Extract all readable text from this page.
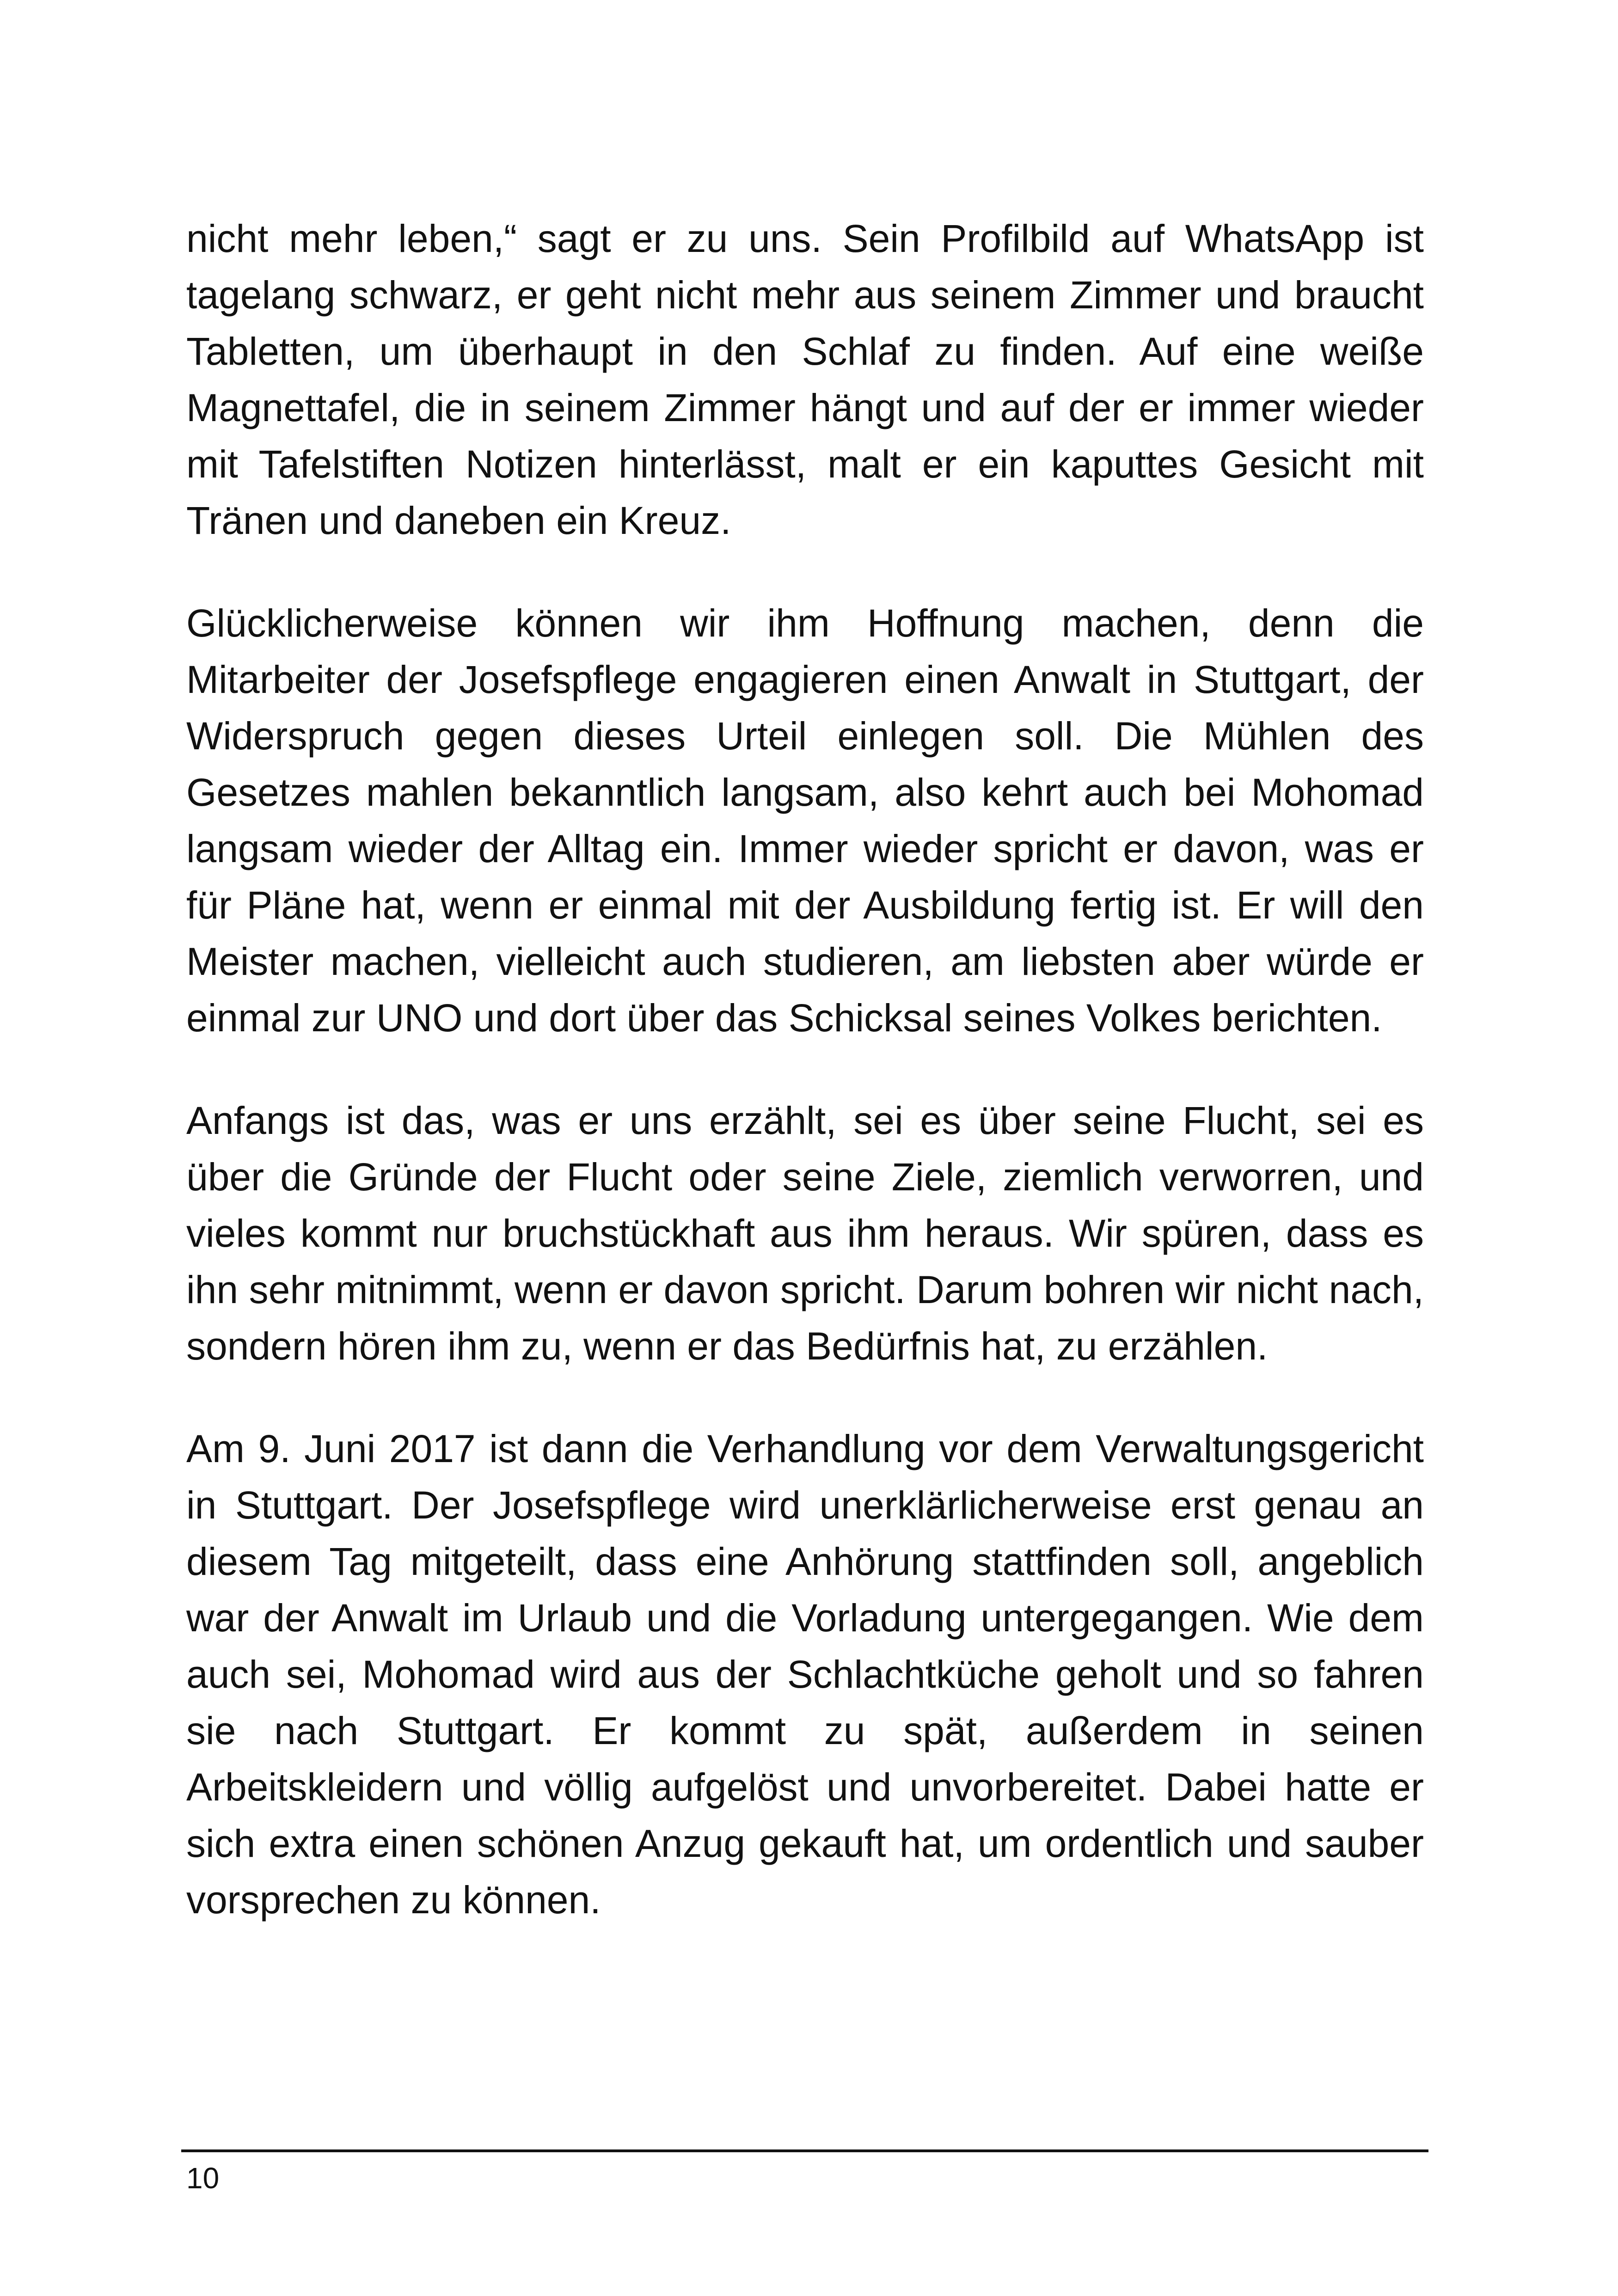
nicht mehr leben,“ sagt er zu uns. Sein Profilbild auf WhatsApp ist tagelang schwarz, er geht nicht mehr aus seinem Zimmer und braucht Tabletten, um überhaupt in den Schlaf zu finden. Auf eine weiße Magnettafel, die in seinem Zimmer hängt und auf der er immer wieder mit Tafelstiften Notizen hinterlässt, malt er ein kaputtes Gesicht mit Tränen und daneben ein Kreuz.

Glücklicherweise können wir ihm Hoffnung machen, denn die Mitarbeiter der Josefspflege engagieren einen Anwalt in Stuttgart, der Widerspruch gegen dieses Urteil einlegen soll. Die Mühlen des Gesetzes mahlen bekanntlich langsam, also kehrt auch bei Mohomad langsam wieder der Alltag ein. Immer wieder spricht er davon, was er für Pläne hat, wenn er einmal mit der Ausbildung fertig ist. Er will den Meister machen, vielleicht auch studieren, am liebsten aber würde er einmal zur UNO und dort über das Schicksal seines Volkes berichten.

Anfangs ist das, was er uns erzählt, sei es über seine Flucht, sei es über die Gründe der Flucht oder seine Ziele, ziemlich verworren, und vieles kommt nur bruchstückhaft aus ihm heraus. Wir spüren, dass es ihn sehr mitnimmt, wenn er davon spricht. Darum bohren wir nicht nach, sondern hören ihm zu, wenn er das Bedürfnis hat, zu erzählen.

Am 9. Juni 2017 ist dann die Verhandlung vor dem Verwaltungsgericht in Stuttgart. Der Josefspflege wird unerklärlicherweise erst genau an diesem Tag mitgeteilt, dass eine Anhörung stattfinden soll, angeblich war der Anwalt im Urlaub und die Vorladung untergegangen. Wie dem auch sei, Mohomad wird aus der Schlachtküche geholt und so fahren sie nach Stuttgart. Er kommt zu spät, außerdem in seinen Arbeitskleidern und völlig aufgelöst und unvorbereitet. Dabei hatte er sich extra einen schönen Anzug gekauft hat, um ordentlich und sauber vorsprechen zu können.

10
